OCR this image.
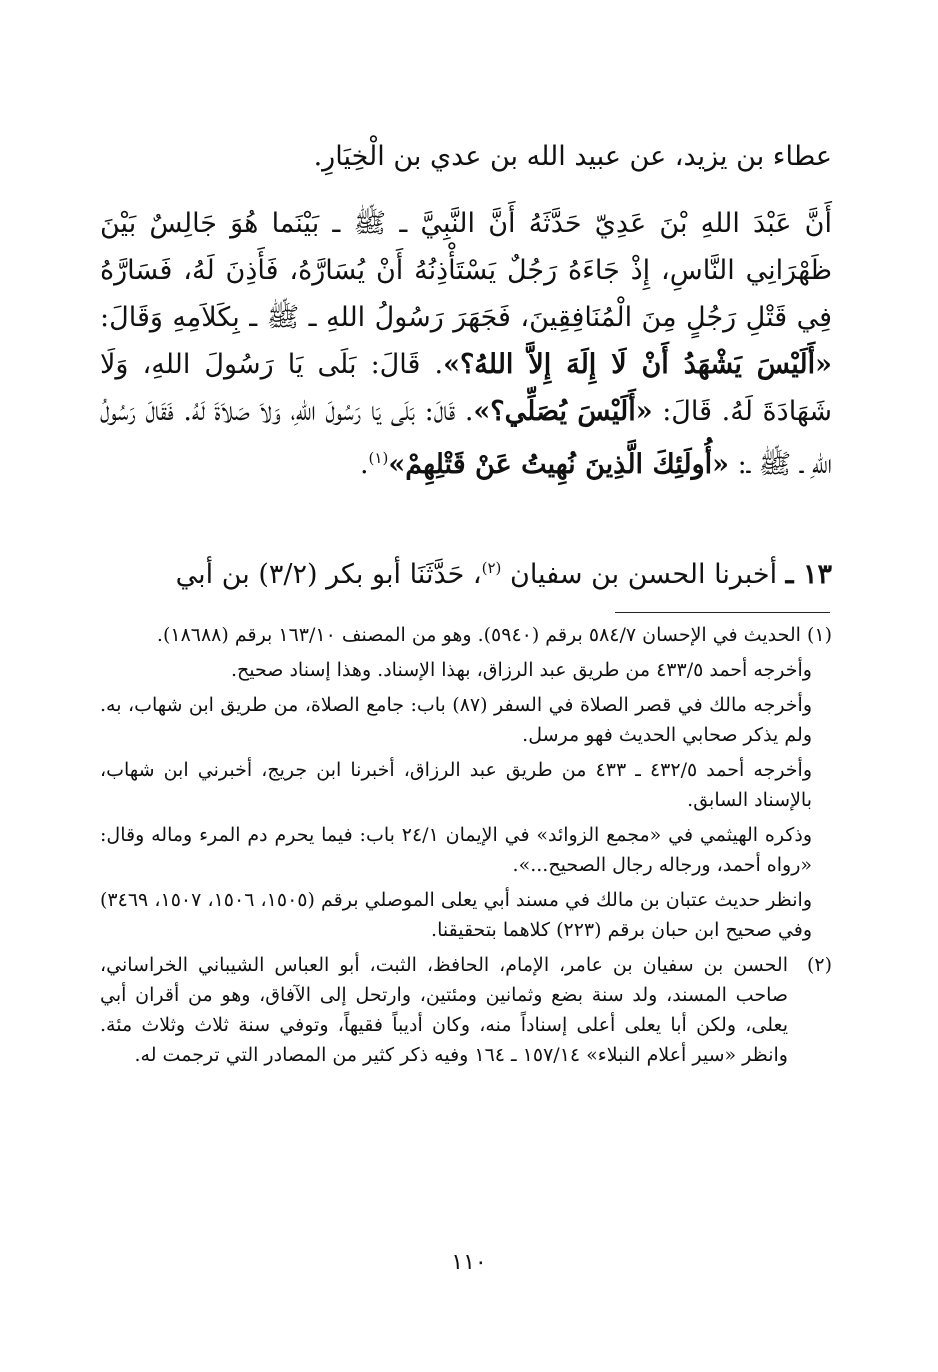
عطاء بن يزيد، عن عبيد الله بن عدي بن الْخِيَارِ.
أَنَّ عَبْدَ اللهِ بْنَ عَدِيّ حَدَّثَهُ أَنَّ النَّبِيَّ ـ ﷺ ـ بَيْنَما هُوَ جَالِسٌ بَيْنَ ظَهْرَانِي النَّاسِ، إِذْ جَاءَهُ رَجُلٌ يَسْتَأْذِنُهُ أَنْ يُسَارَّهُ، فَأَذِنَ لَهُ، فَسَارَّهُ فِي قَتْلِ رَجُلٍ مِنَ الْمُنَافِقِينَ، فَجَهَرَ رَسُولُ اللهِ ـ ﷺ ـ بِكَلاَمِهِ وَقَالَ: «أَلَيْسَ يَشْهَدُ أَنْ لَا إِلَهَ إِلاَّ اللهُ؟». قَالَ: بَلَى يَا رَسُولَ اللهِ، وَلَا شَهَادَةَ لَهُ. قَالَ: «أَلَيْسَ يُصَلِّي؟». قَالَ: بَلَى يَا رَسُولَ اللهِ، وَلاَ صَلاَةَ لَهُ. فَقَالَ رَسُولُ اللهِ ـ ﷺ ـ: «أُولَئِكَ الَّذِينَ نُهِيتُ عَنْ قَتْلِهِمْ»$^{(١)}$.
١٣ ـ أخبرنا الحسن بن سفيان $^{(٢)}$، حَدَّثَنَا أبو بكر (٣/٢) بن أبي
(١)الحديث في الإحسان ٥٨٤/٧ برقم (٥٩٤٠). وهو من المصنف ١٦٣/١٠ برقم (١٨٦٨٨).
وأخرجه أحمد ٤٣٣/٥ من طريق عبد الرزاق، بهذا الإسناد. وهذا إسناد صحيح.
وأخرجه مالك في قصر الصلاة في السفر (٨٧) باب: جامع الصلاة، من طريق ابن شهاب، به. ولم يذكر صحابي الحديث فهو مرسل.
وأخرجه أحمد ٤٣٢/٥ ـ ٤٣٣ من طريق عبد الرزاق، أخبرنا ابن جريج، أخبرني ابن شهاب، بالإسناد السابق.
وذكره الهيثمي في «مجمع الزوائد» في الإيمان ٢٤/١ باب: فيما يحرم دم المرء وماله وقال: «رواه أحمد، ورجاله رجال الصحيح...».
وانظر حديث عتبان بن مالك في مسند أبي يعلى الموصلي برقم (١٥٠٥، ١٥٠٦، ١٥٠٧، ٣٤٦٩) وفي صحيح ابن حبان برقم (٢٢٣) كلاهما بتحقيقنا.
(٢)
الحسن بن سفيان بن عامر، الإمام، الحافظ، الثبت، أبو العباس الشيباني الخراساني، صاحب المسند، ولد سنة بضع وثمانين ومئتين، وارتحل إلى الآفاق، وهو من أقران أبي يعلى، ولكن أبا يعلى أعلى إسناداً منه، وكان أديباً فقيهاً، وتوفي سنة ثلاث وثلاث مئة. وانظر «سير أعلام النبلاء» ١٥٧/١٤ ـ ١٦٤ وفيه ذكر كثير من المصادر التي ترجمت له.
١١٠
